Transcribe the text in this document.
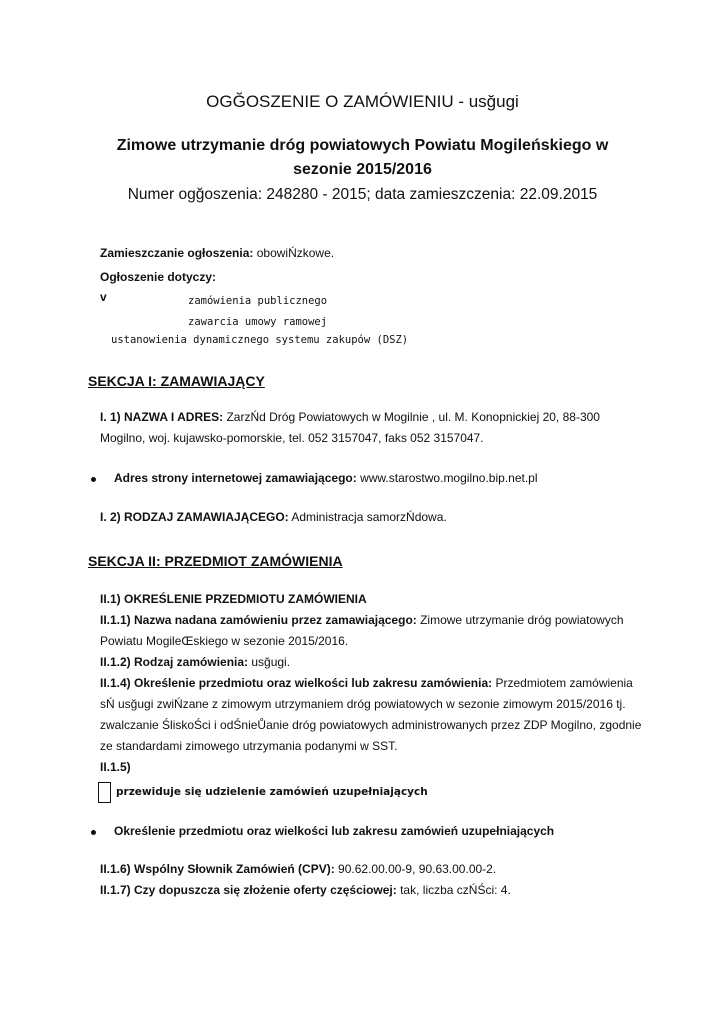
OGĞOSZENIE O ZAMÓWIENIU - usğugi
Zimowe utrzymanie dróg powiatowych Powiatu Mogileńskiego w
sezonie 2015/2016
Numer ogğoszenia: 248280 - 2015; data zamieszczenia: 22.09.2015
Zamieszczanie ogłoszenia: obowiŃzkowe.
Ogłoszenie dotyczy:
v	zamówienia publicznego
zawarcia umowy ramowej
ustanowienia dynamicznego systemu zakupów (DSZ)
SEKCJA I: ZAMAWIAJĄCY
I. 1) NAZWA I ADRES: ZarzŃd Dróg Powiatowych w Mogilnie , ul. M. Konopnickiej 20, 88-300
Mogilno, woj. kujawsko-pomorskie, tel. 052 3157047, faks 052 3157047.
Adres strony internetowej zamawiającego: www.starostwo.mogilno.bip.net.pl
I. 2) RODZAJ ZAMAWIAJĄCEGO: Administracja samorzŃdowa.
SEKCJA II: PRZEDMIOT ZAMÓWIENIA
II.1) OKREŚLENIE PRZEDMIOTU ZAMÓWIENIA
II.1.1) Nazwa nadana zamówieniu przez zamawiającego: Zimowe utrzymanie dróg powiatowych
Powiatu MogileŒskiego w sezonie 2015/2016.
II.1.2) Rodzaj zamówienia: usğugi.
II.1.4) Określenie przedmiotu oraz wielkości lub zakresu zamówienia: Przedmiotem zamówienia
sŃ usğugi zwiŃzane z zimowym utrzymaniem dróg powiatowych w sezonie zimowym 2015/2016 tj.
zwalczanie ŚliskoŚci i odŚnieŮanie dróg powiatowych administrowanych przez ZDP Mogilno, zgodnie
ze standardami zimowego utrzymania podanymi w SST.
II.1.5)
przewiduje się udzielenie zamówień uzupełniających
Określenie przedmiotu oraz wielkości lub zakresu zamówień uzupełniających
II.1.6) Wspólny Słownik Zamówień (CPV): 90.62.00.00-9, 90.63.00.00-2.
II.1.7) Czy dopuszcza się złożenie oferty częściowej: tak, liczba czŃŚci: 4.
